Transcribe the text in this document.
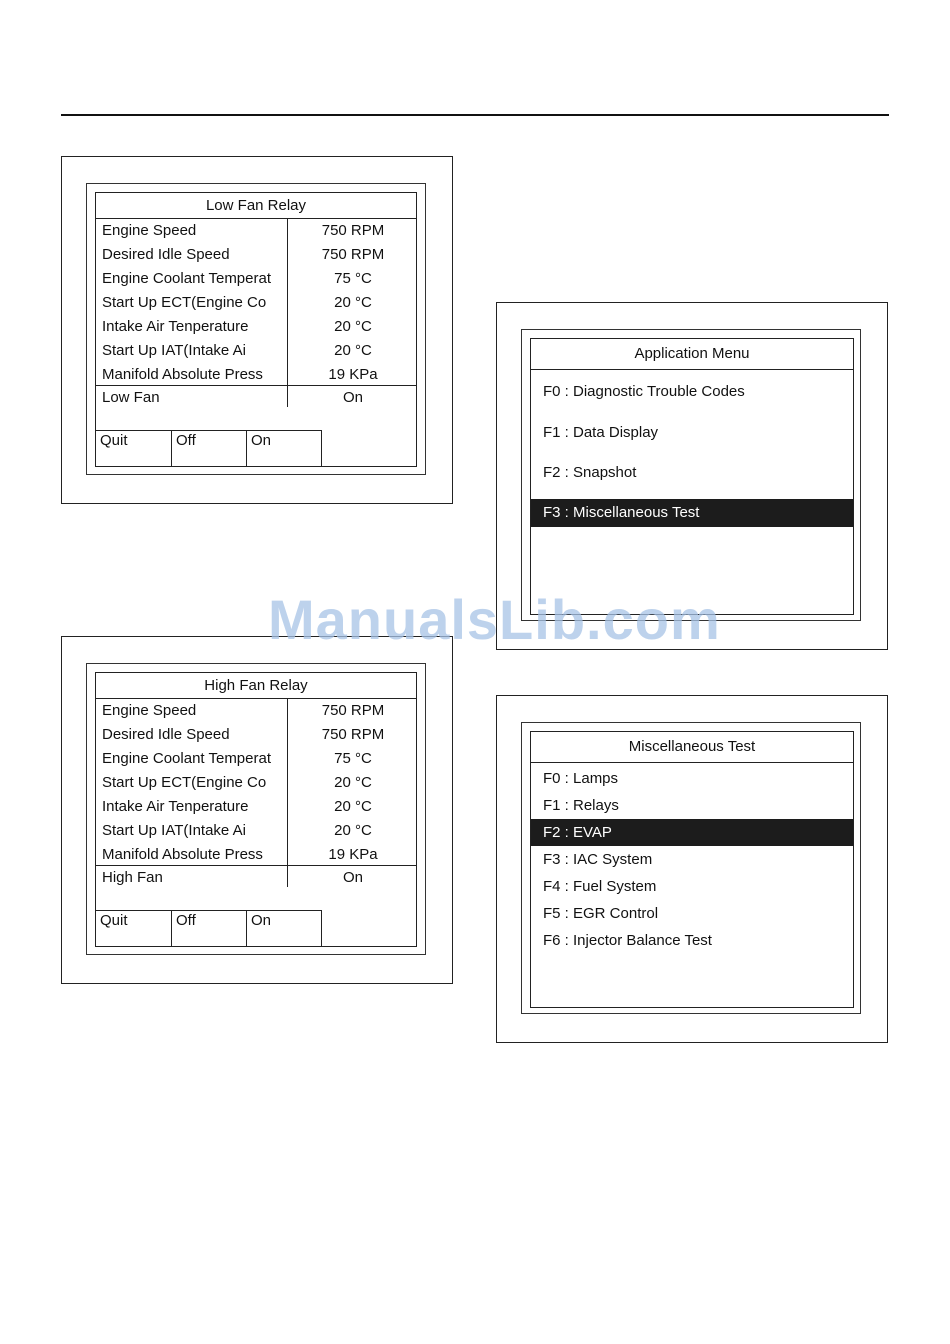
Low Fan Relay
Engine Speed	750 RPM
Desired Idle Speed	750 RPM
Engine Coolant Temperat	75 °C
Start Up ECT(Engine Co	20 °C
Intake Air Tenperature	20 °C
Start Up IAT(Intake Ai	20 °C
Manifold Absolute Press	19 KPa
Low Fan	On
Quit	Off	On
High Fan Relay
Engine Speed	750 RPM
Desired Idle Speed	750 RPM
Engine Coolant Temperat	75 °C
Start Up ECT(Engine Co	20 °C
Intake Air Tenperature	20 °C
Start Up IAT(Intake Ai	20 °C
Manifold Absolute Press	19 KPa
High Fan	On
Quit	Off	On
Application Menu
F0 : Diagnostic Trouble Codes
F1 : Data Display
F2 : Snapshot
F3 : Miscellaneous Test
Miscellaneous Test
F0 : Lamps
F1 : Relays
F2 : EVAP
F3 : IAC System
F4 : Fuel System
F5 : EGR Control
F6 : Injector Balance Test
ManualsLib.com
